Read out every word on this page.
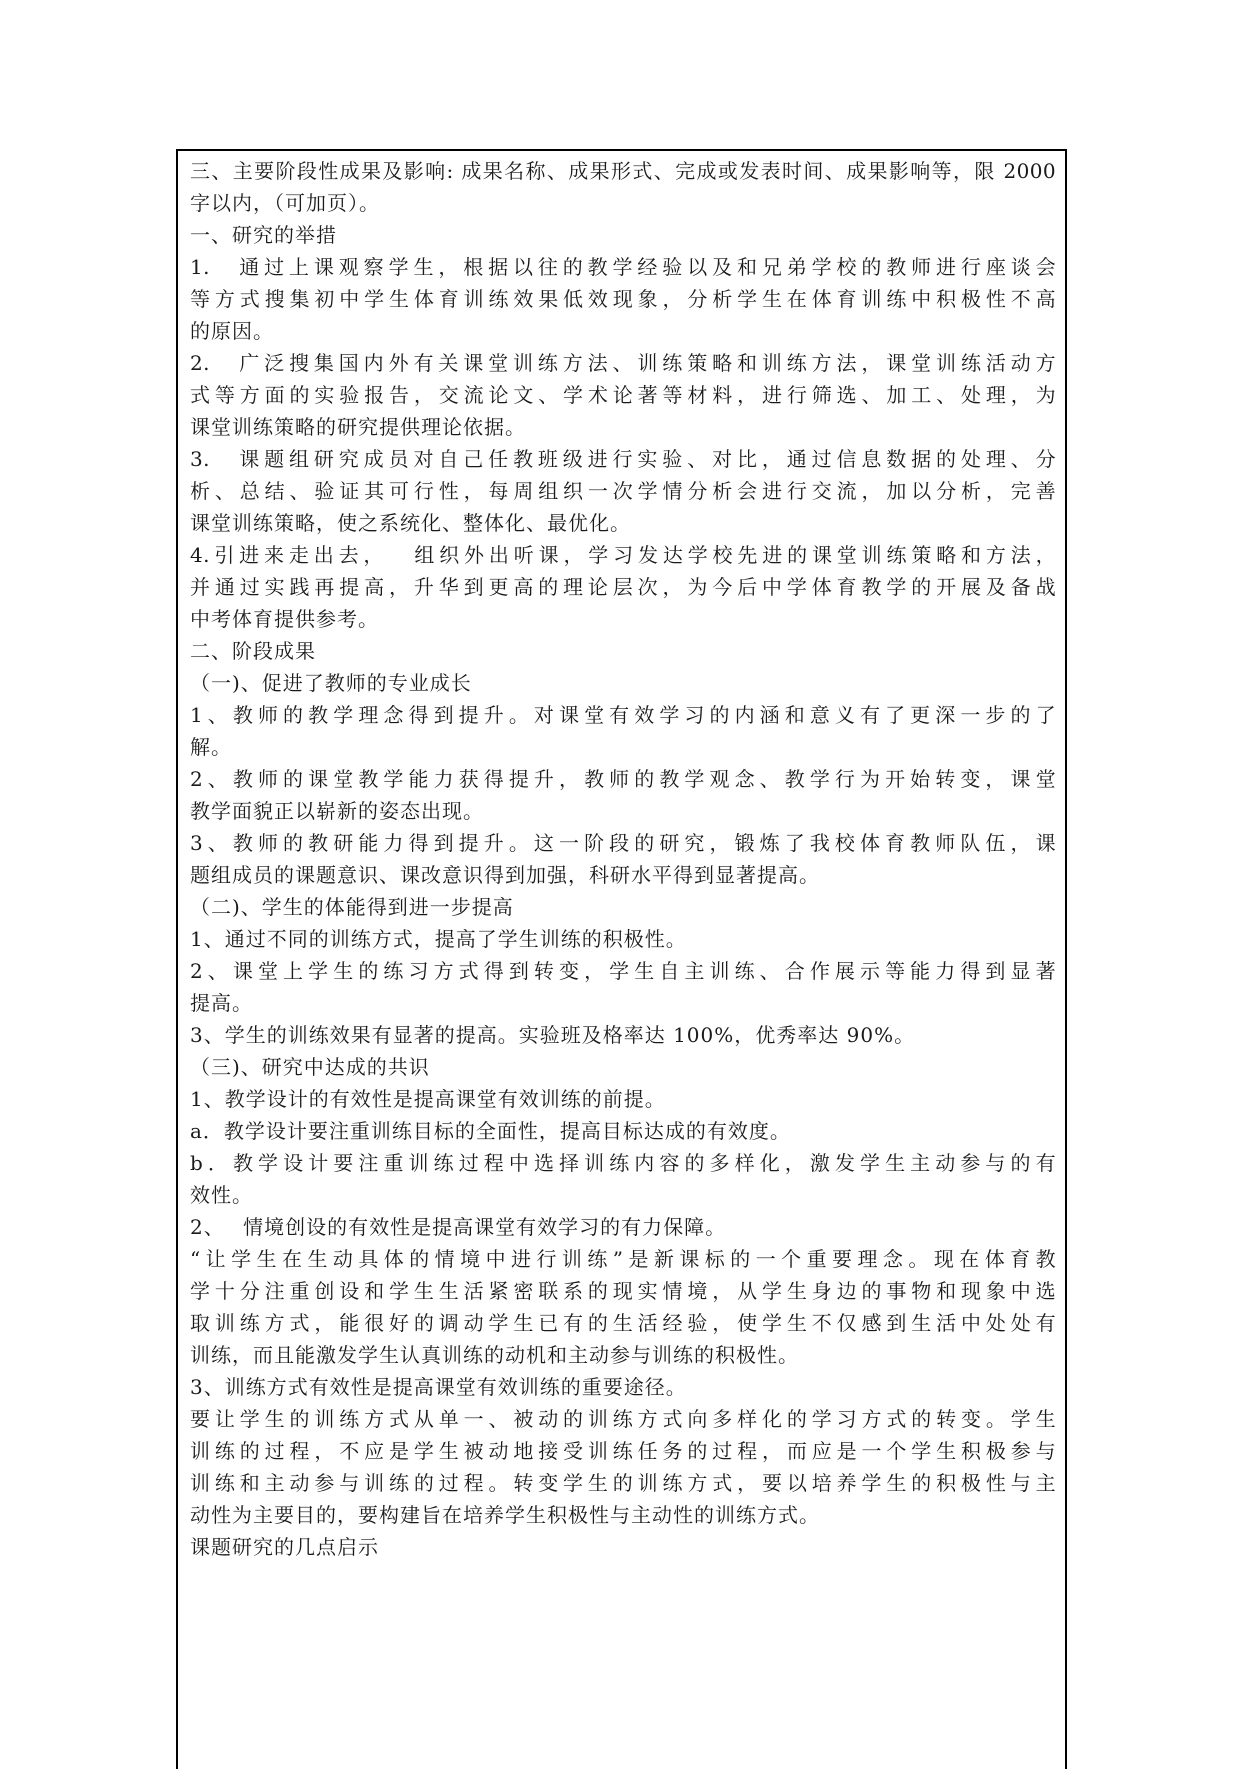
三、主要阶段性成果及影响: 成果名称、成果形式、完成或发表时间、成果影响等，限 2000
字以内，（可加页）。
一、研究的举措
1.　通过上课观察学生，根据以往的教学经验以及和兄弟学校的教师进行座谈会
等方式搜集初中学生体育训练效果低效现象，分析学生在体育训练中积极性不高
的原因。
2.　广泛搜集国内外有关课堂训练方法、训练策略和训练方法，课堂训练活动方
式等方面的实验报告，交流论文、学术论著等材料，进行筛选、加工、处理，为
课堂训练策略的研究提供理论依据。
3.　课题组研究成员对自己任教班级进行实验、对比，通过信息数据的处理、分
析、总结、验证其可行性，每周组织一次学情分析会进行交流，加以分析，完善
课堂训练策略，使之系统化、整体化、最优化。
4.引进来走出去，　 组织外出听课，学习发达学校先进的课堂训练策略和方法，
并通过实践再提高，升华到更高的理论层次，为今后中学体育教学的开展及备战
中考体育提供参考。
二、阶段成果
（一)、促进了教师的专业成长
1、教师的教学理念得到提升。对课堂有效学习的内涵和意义有了更深一步的了
解。
2、教师的课堂教学能力获得提升，教师的教学观念、教学行为开始转变，课堂
教学面貌正以崭新的姿态出现。
3、教师的教研能力得到提升。这一阶段的研究，锻炼了我校体育教师队伍，课
题组成员的课题意识、课改意识得到加强，科研水平得到显著提高。
（二)、学生的体能得到进一步提高
1、通过不同的训练方式，提高了学生训练的积极性。
2、课堂上学生的练习方式得到转变，学生自主训练、合作展示等能力得到显著
提高。
3、学生的训练效果有显著的提高。实验班及格率达 100%，优秀率达 90%。
（三)、研究中达成的共识
1、教学设计的有效性是提高课堂有效训练的前提。
a．教学设计要注重训练目标的全面性，提高目标达成的有效度。
b．教学设计要注重训练过程中选择训练内容的多样化，激发学生主动参与的有
效性。
2、　 情境创设的有效性是提高课堂有效学习的有力保障。
“让学生在生动具体的情境中进行训练”是新课标的一个重要理念。现在体育教
学十分注重创设和学生生活紧密联系的现实情境，从学生身边的事物和现象中选
取训练方式，能很好的调动学生已有的生活经验，使学生不仅感到生活中处处有
训练，而且能激发学生认真训练的动机和主动参与训练的积极性。
3、训练方式有效性是提高课堂有效训练的重要途径。
要让学生的训练方式从单一、被动的训练方式向多样化的学习方式的转变。学生
训练的过程，不应是学生被动地接受训练任务的过程，而应是一个学生积极参与
训练和主动参与训练的过程。转变学生的训练方式，要以培养学生的积极性与主
动性为主要目的，要构建旨在培养学生积极性与主动性的训练方式。
课题研究的几点启示
